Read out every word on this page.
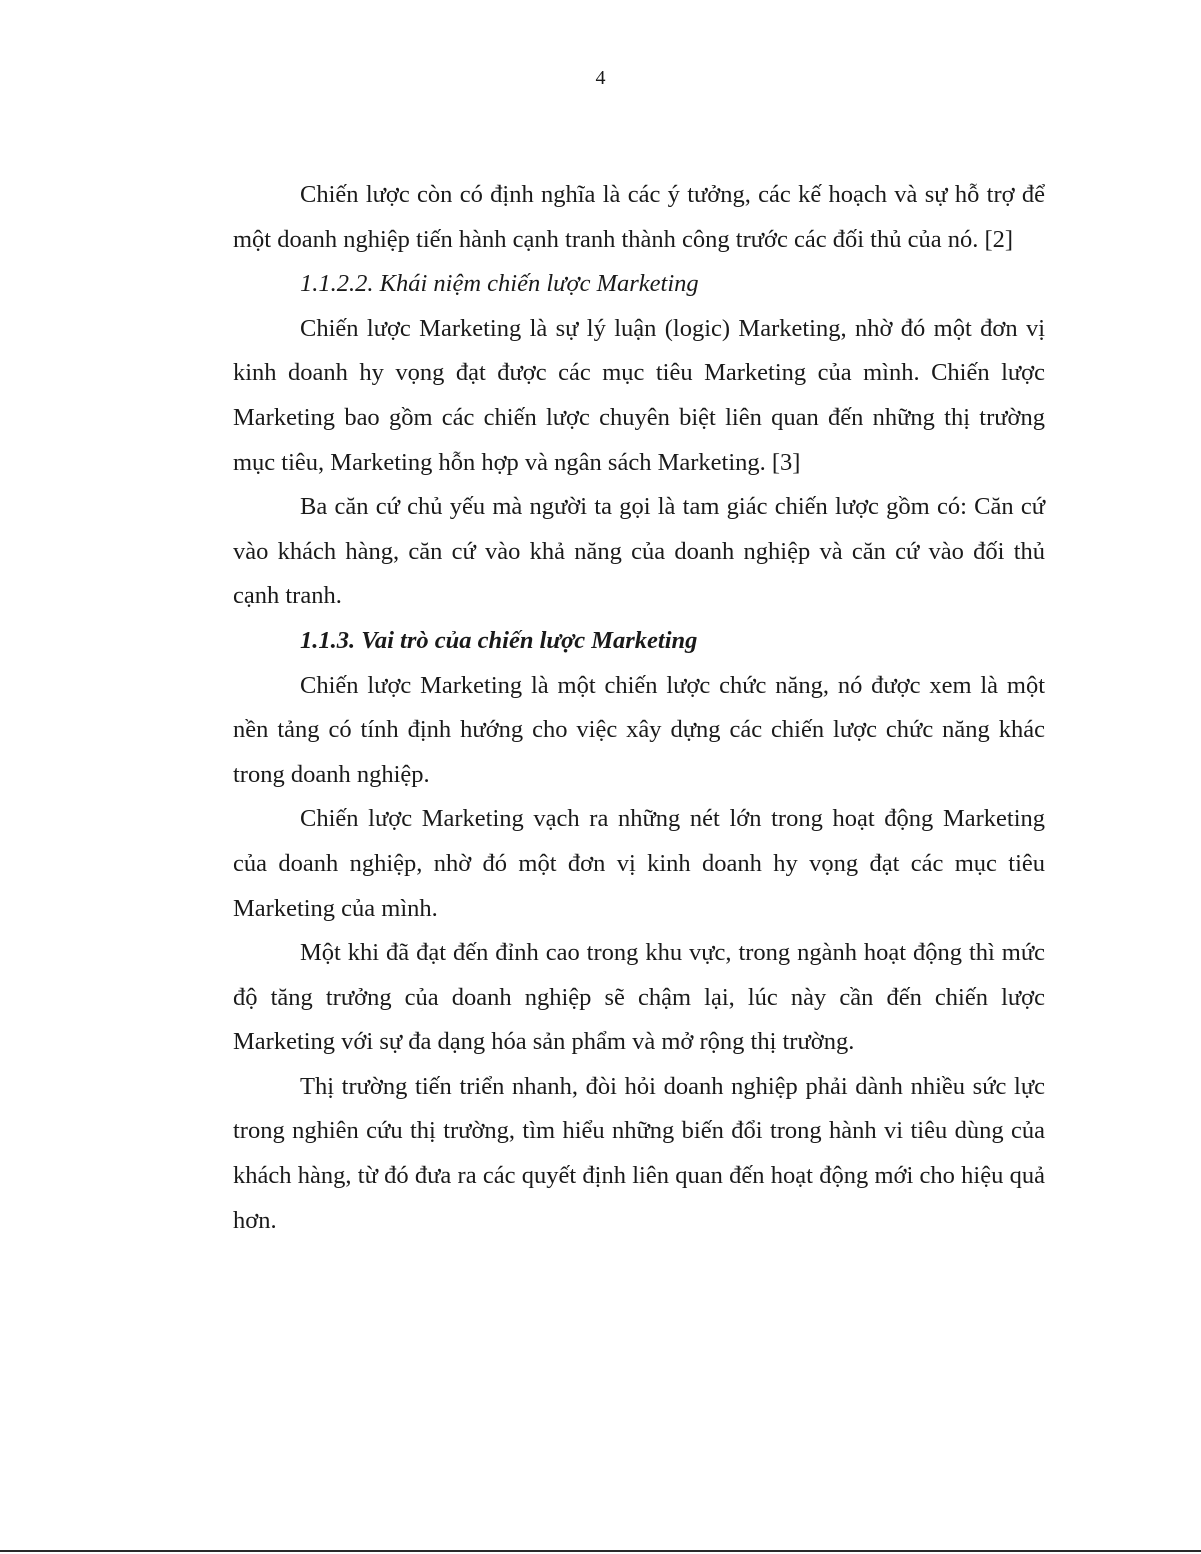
4

Chiến lược còn có định nghĩa là các ý tưởng, các kế hoạch và sự hỗ trợ để một doanh nghiệp tiến hành cạnh tranh thành công trước các đối thủ của nó. [2]

1.1.2.2. Khái niệm chiến lược Marketing

Chiến lược Marketing là sự lý luận (logic) Marketing, nhờ đó một đơn vị kinh doanh hy vọng đạt được các mục tiêu Marketing của mình. Chiến lược Marketing bao gồm các chiến lược chuyên biệt liên quan đến những thị trường mục tiêu, Marketing hỗn hợp và ngân sách Marketing. [3]

Ba căn cứ chủ yếu mà người ta gọi là tam giác chiến lược gồm có: Căn cứ vào khách hàng, căn cứ vào khả năng của doanh nghiệp và căn cứ vào đối thủ cạnh tranh.

1.1.3. Vai trò của chiến lược Marketing

Chiến lược Marketing là một chiến lược chức năng, nó được xem là một nền tảng có tính định hướng cho việc xây dựng các chiến lược chức năng khác trong doanh nghiệp.

Chiến lược Marketing vạch ra những nét lớn trong hoạt động Marketing của doanh nghiệp, nhờ đó một đơn vị kinh doanh hy vọng đạt các mục tiêu Marketing của mình.

Một khi đã đạt đến đỉnh cao trong khu vực, trong ngành hoạt động thì mức độ tăng trưởng của doanh nghiệp sẽ chậm lại, lúc này cần đến chiến lược Marketing với sự đa dạng hóa sản phẩm và mở rộng thị trường.

Thị trường tiến triển nhanh, đòi hỏi doanh nghiệp phải dành nhiều sức lực trong nghiên cứu thị trường, tìm hiểu những biến đổi trong hành vi tiêu dùng của khách hàng, từ đó đưa ra các quyết định liên quan đến hoạt động mới cho hiệu quả hơn.
